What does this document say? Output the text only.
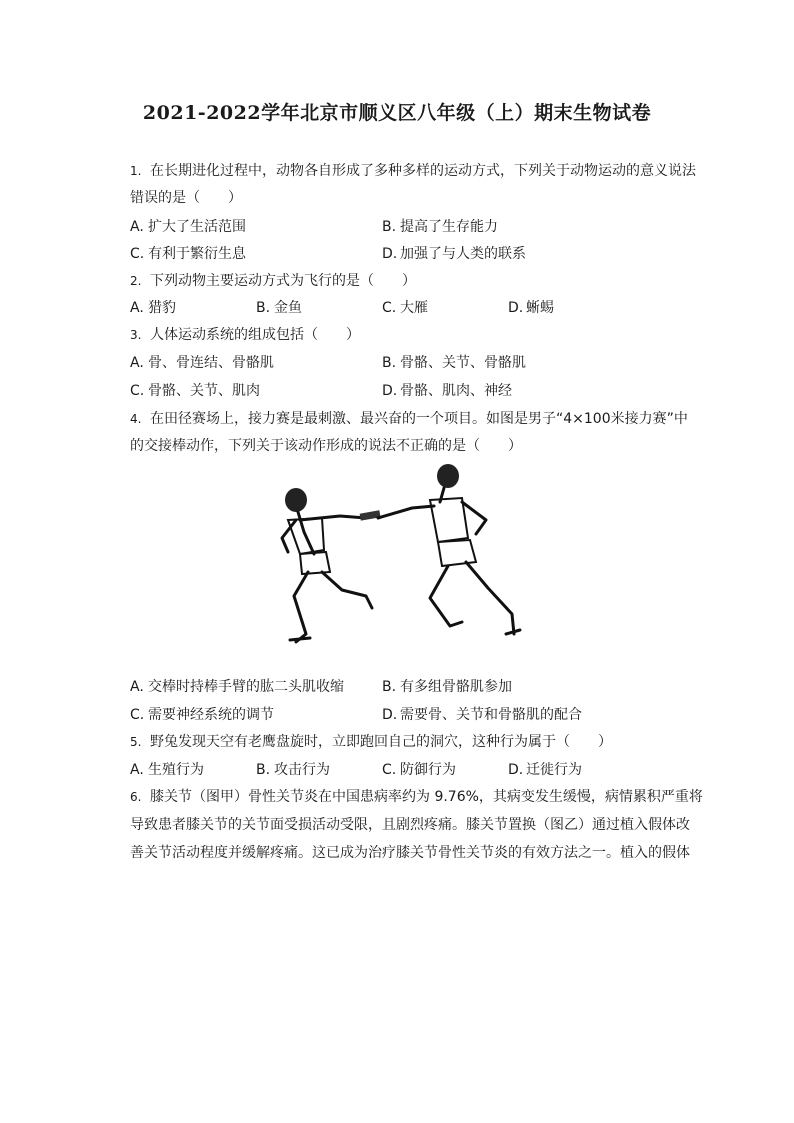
2021-2022学年北京市顺义区八年级（上）期末生物试卷
1. 在长期进化过程中，动物各自形成了多种多样的运动方式，下列关于动物运动的意义说法
错误的是（　　）
A. 扩大了生活范围	B. 提高了生存能力
C. 有利于繁衍生息	D. 加强了与人类的联系
2. 下列动物主要运动方式为飞行的是（　　）
A. 猎豹	B. 金鱼	C. 大雁	D. 蜥蜴
3. 人体运动系统的组成包括（　　）
A. 骨、骨连结、骨骼肌	B. 骨骼、关节、骨骼肌
C. 骨骼、关节、肌肉	D. 骨骼、肌肉、神经
4. 在田径赛场上，接力赛是最刺激、最兴奋的一个项目。如图是男子“4×100米接力赛”中
的交接棒动作，下列关于该动作形成的说法不正确的是（　　）
A. 交棒时持棒手臂的肱二头肌收缩	B. 有多组骨骼肌参加
C. 需要神经系统的调节	D. 需要骨、关节和骨骼肌的配合
5. 野兔发现天空有老鹰盘旋时，立即跑回自己的洞穴，这种行为属于（　　）
A. 生殖行为	B. 攻击行为	C. 防御行为	D. 迁徙行为
6. 膝关节（图甲）骨性关节炎在中国患病率约为 9.76%，其病变发生缓慢，病情累积严重将
导致患者膝关节的关节面受损活动受限，且剧烈疼痛。膝关节置换（图乙）通过植入假体改
善关节活动程度并缓解疼痛。这已成为治疗膝关节骨性关节炎的有效方法之一。植入的假体
